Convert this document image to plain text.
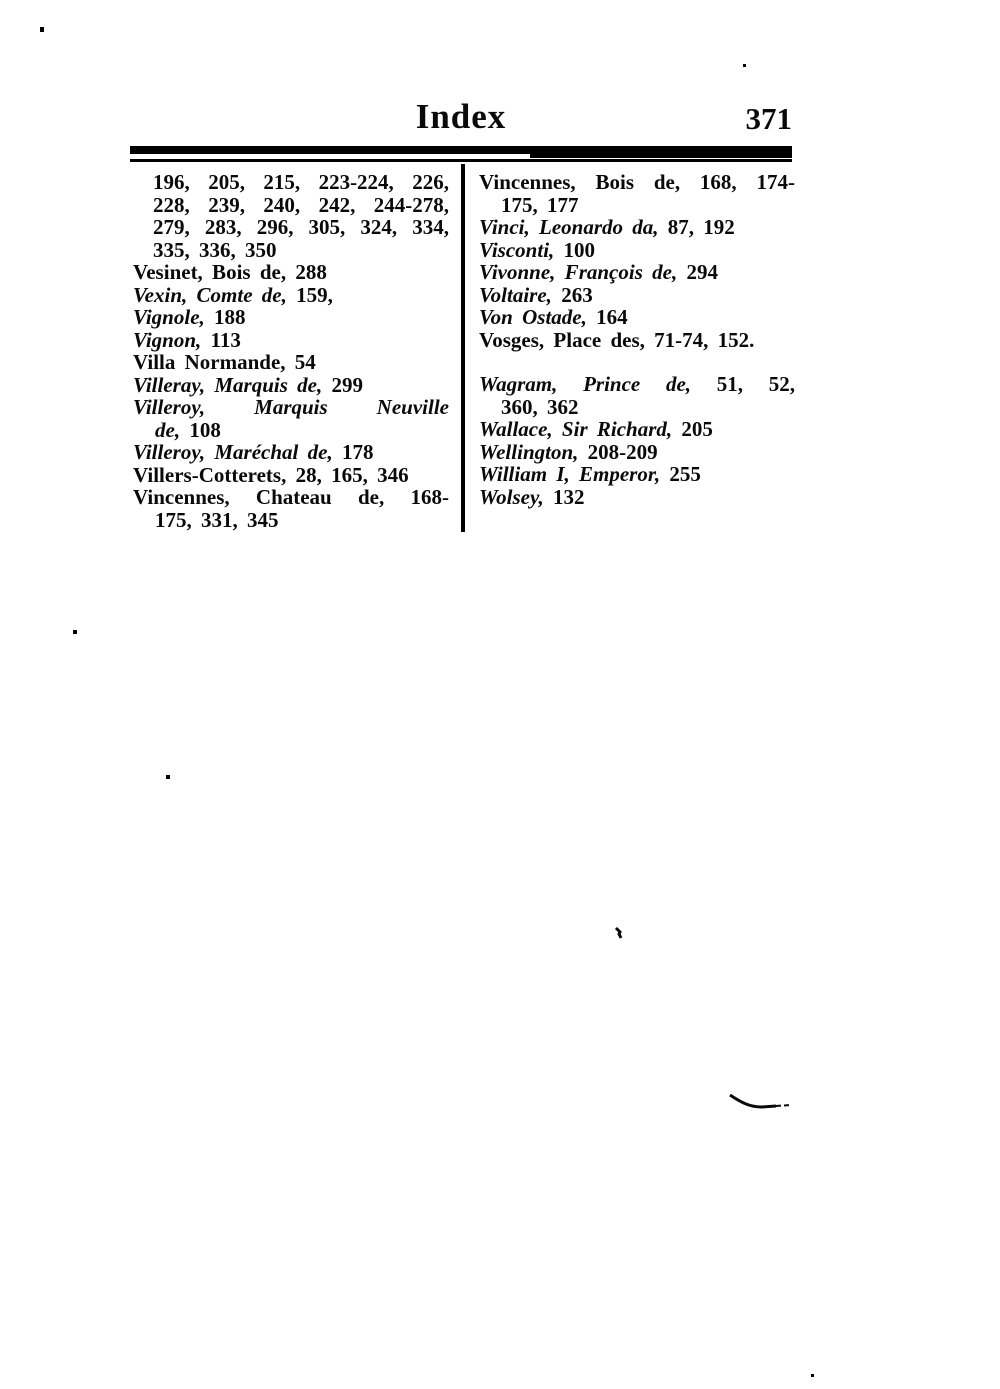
Index	371
196, 205, 215, 223-224, 226,
228, 239, 240, 242, 244-278,
279, 283, 296, 305, 324, 334,
335, 336, 350
Vesinet, Bois de, 288
Vexin, Comte de, 159,
Vignole, 188
Vignon, 113
Villa Normande, 54
Villeray, Marquis de, 299
Villeroy, Marquis Neuville
de, 108
Villeroy, Maréchal de, 178
Villers-Cotterets, 28, 165, 346
Vincennes, Chateau de, 168-
175, 331, 345
Vincennes, Bois de, 168, 174-
175, 177
Vinci, Leonardo da, 87, 192
Visconti, 100
Vivonne, François de, 294
Voltaire, 263
Von Ostade, 164
Vosges, Place des, 71-74, 152.
Wagram, Prince de, 51, 52,
360, 362
Wallace, Sir Richard, 205
Wellington, 208-209
William I, Emperor, 255
Wolsey, 132
